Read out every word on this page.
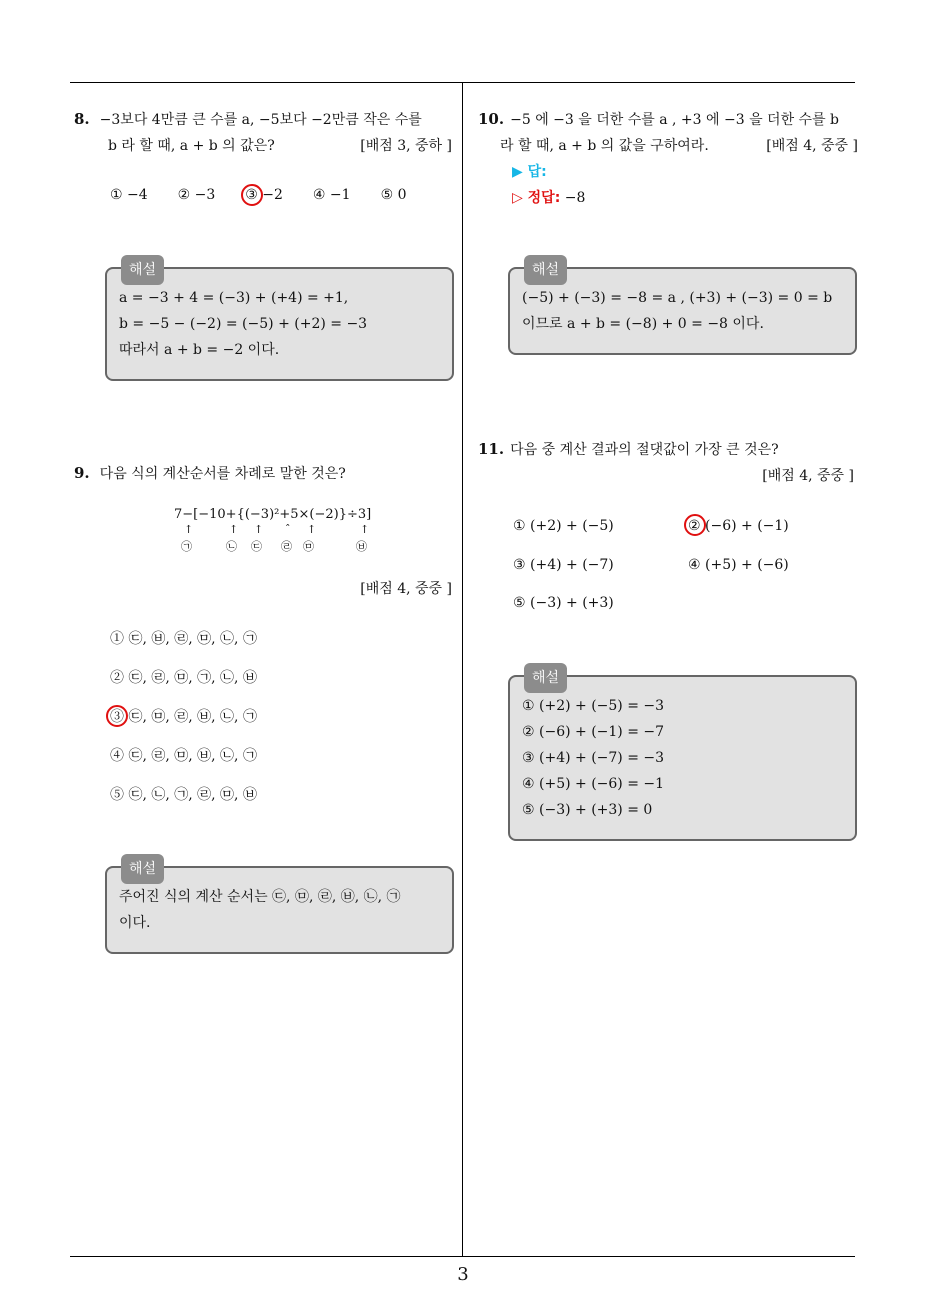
8. −3보다 4만큼 큰 수를 a, −5보다 −2만큼 작은 수를
b 라 할 때, a + b 의 값은?	[배점 3, 중하 ]
① −4 ② −3 ③ −2 ④ −1 ⑤ 0
해설
a = −3 + 4 = (−3) + (+4) = +1,
b = −5 − (−2) = (−5) + (+2) = −3
따라서 a + b = −2 이다.
9. 다음 식의 계산순서를 차례로 말한 것은?
7−[−10+{(−3)²+5×(−2)}÷3]
↑
㉠
↑
㉡
↑
㉢
ˆ
㉣
↑
㉤
↑
㉥
[배점 4, 중중 ]
① ㉢, ㉥, ㉣, ㉤, ㉡, ㉠
② ㉢, ㉣, ㉤, ㉠, ㉡, ㉥
③ ㉢, ㉤, ㉣, ㉥, ㉡, ㉠
④ ㉢, ㉣, ㉤, ㉥, ㉡, ㉠
⑤ ㉢, ㉡, ㉠, ㉣, ㉤, ㉥
해설
주어진 식의 계산 순서는 ㉢, ㉤, ㉣, ㉥, ㉡, ㉠
이다.
10. −5 에 −3 을 더한 수를 a , +3 에 −3 을 더한 수를 b
라 할 때, a + b 의 값을 구하여라.	[배점 4, 중중 ]
▶ 답:
▷ 정답: −8
해설
(−5) + (−3) = −8 = a , (+3) + (−3) = 0 = b
이므로 a + b = (−8) + 0 = −8 이다.
11. 다음 중 계산 결과의 절댓값이 가장 큰 것은?
[배점 4, 중중 ]
① (+2) + (−5)	② (−6) + (−1)
③ (+4) + (−7)	④ (+5) + (−6)
⑤ (−3) + (+3)
해설
① (+2) + (−5) = −3
② (−6) + (−1) = −7
③ (+4) + (−7) = −3
④ (+5) + (−6) = −1
⑤ (−3) + (+3) = 0
3
